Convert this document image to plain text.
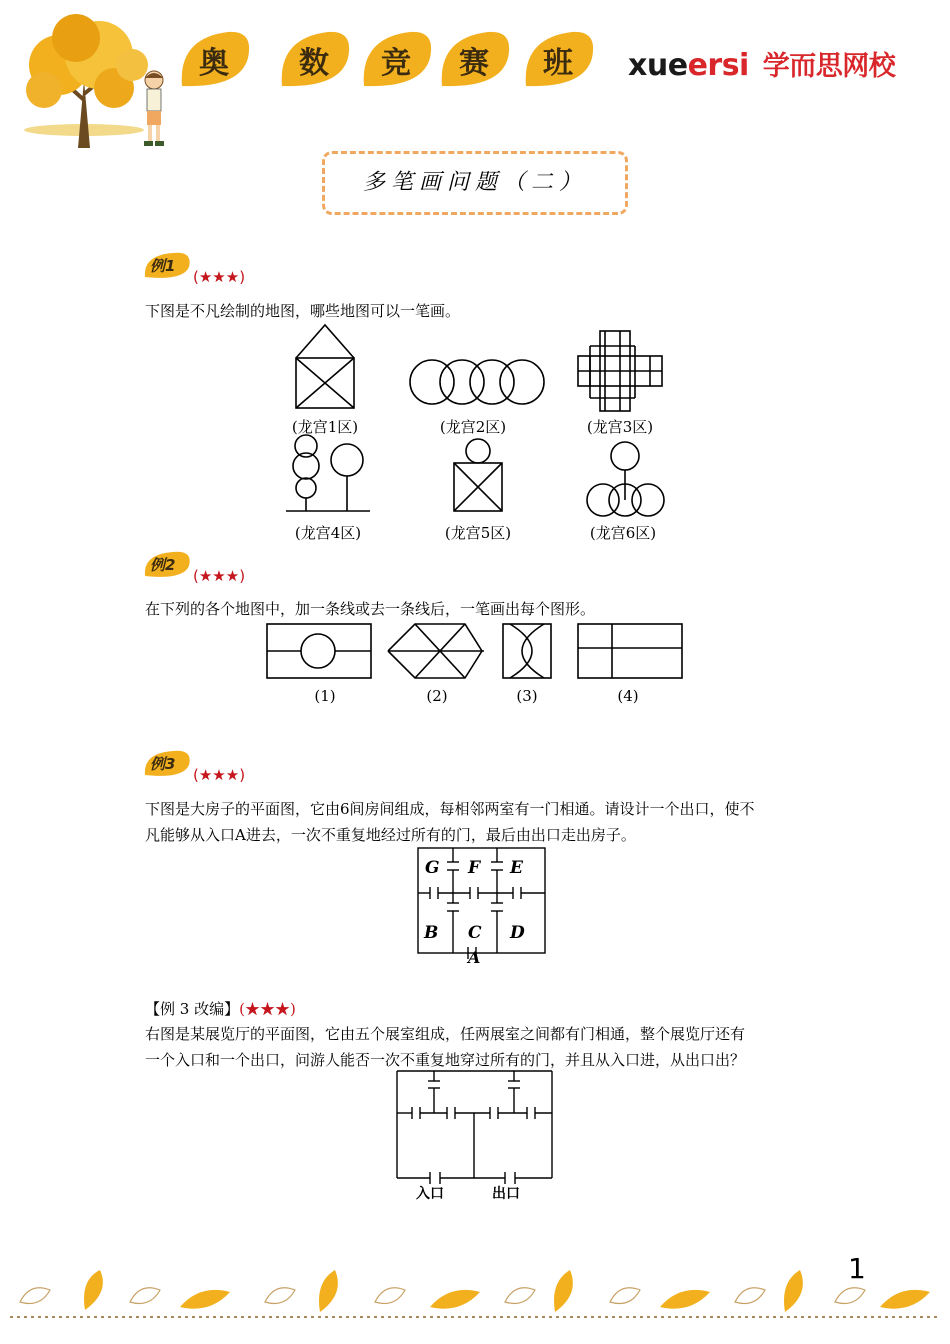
奥	数	竞	赛	班	xueersi 学而思网校
多笔画问题（二）
例1
(★★★)
下图是不凡绘制的地图，哪些地图可以一笔画。
(龙宫1区)	(龙宫2区)	(龙宫3区)
(龙宫4区)	(龙宫5区)	(龙宫6区)
例2
(★★★)
在下列的各个地图中，加一条线或去一条线后，一笔画出每个图形。
(1)	(2)	(3)	(4)
例3
(★★★)
下图是大房子的平面图，它由6间房间组成，每相邻两室有一门相通。请设计一个出口，使不
凡能够从入口A进去，一次不重复地经过所有的门，最后由出口走出房子。
G F E
B C D
A
【例 3 改编】(★★★)
右图是某展览厅的平面图，它由五个展室组成，任两展室之间都有门相通，整个展览厅还有
一个入口和一个出口，问游人能否一次不重复地穿过所有的门，并且从入口进，从出口出？
入口	出口
1
